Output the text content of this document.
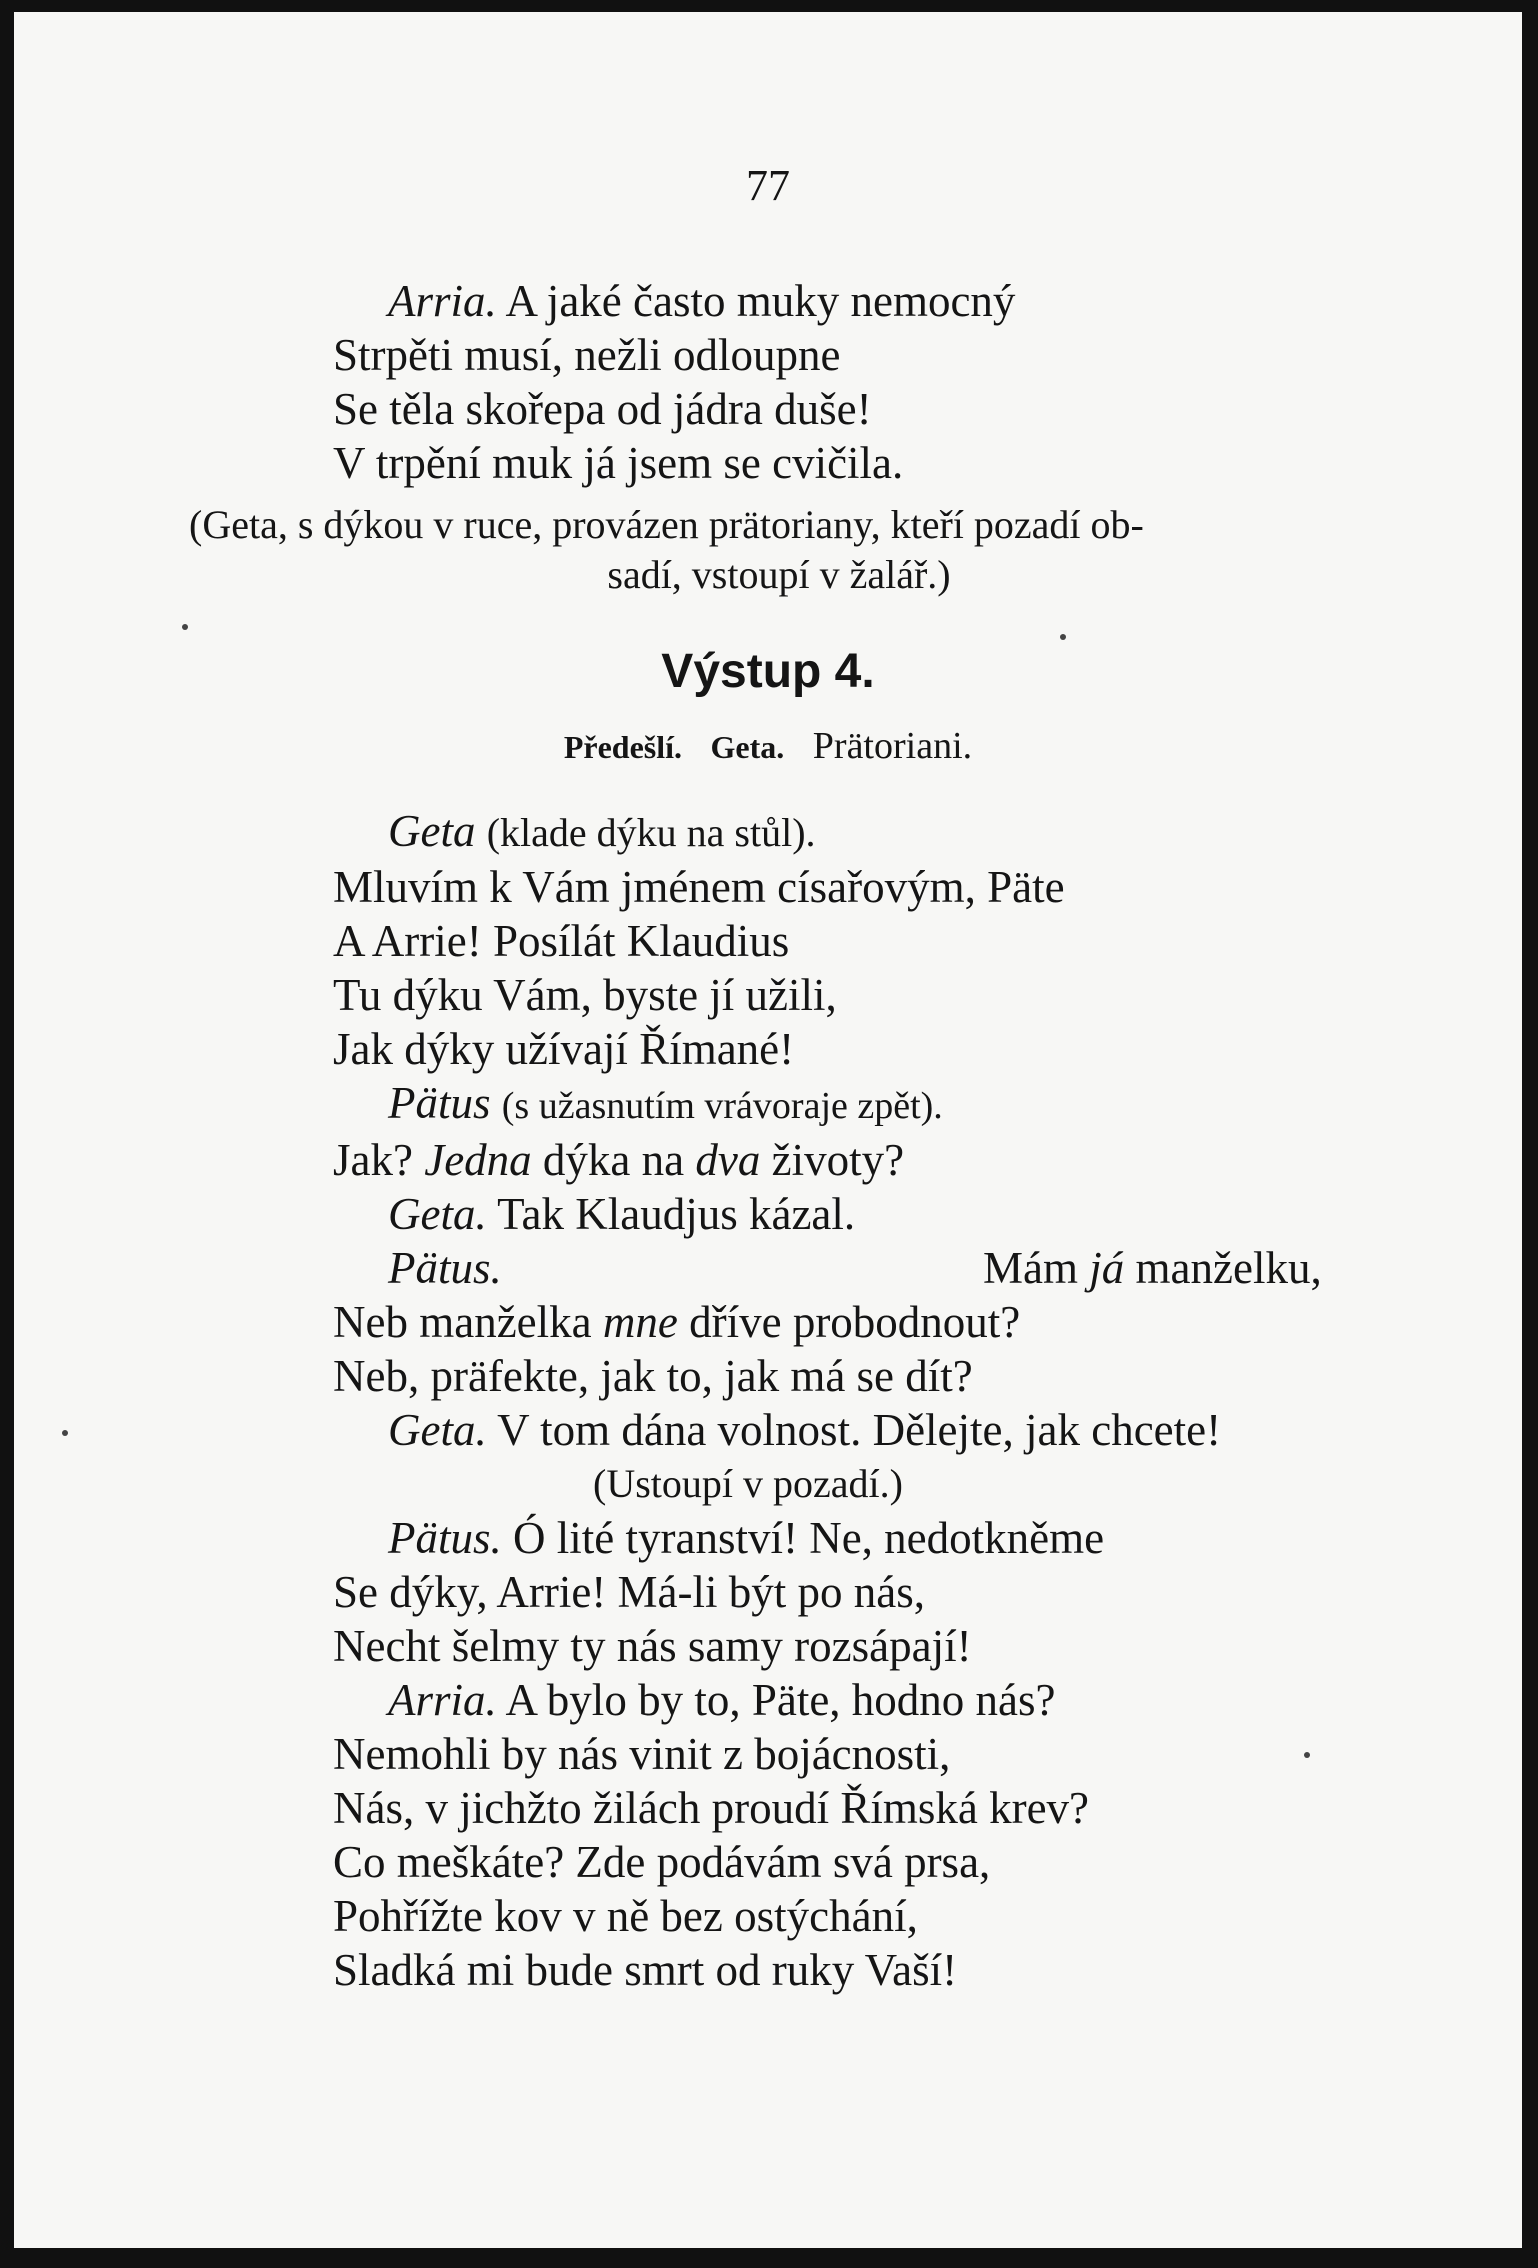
77
Arria. A jaké často muky nemocný
Strpěti musí, nežli odloupne
Se těla skořepa od jádra duše!
V trpění muk já jsem se cvičila.
(Geta, s dýkou v ruce, provázen prätoriany, kteří pozadí ob-
sadí, vstoupí v žalář.)
Výstup 4.
Předešlí. Geta. Prätoriani.
Geta (klade dýku na stůl).
Mluvím k Vám jménem císařovým, Päte
A Arrie! Posílát Klaudius
Tu dýku Vám, byste jí užili,
Jak dýky užívají Římané!
Pätus (s užasnutím vrávoraje zpět).
Jak? Jedna dýka na dva životy?
Geta. Tak Klaudjus kázal.
Pätus.	Mám já manželku,
Neb manželka mne dříve probodnout?
Neb, präfekte, jak to, jak má se dít?
Geta. V tom dána volnost. Dělejte, jak chcete!
(Ustoupí v pozadí.)
Pätus. Ó lité tyranství! Ne, nedotkněme
Se dýky, Arrie! Má-li být po nás,
Necht šelmy ty nás samy rozsápají!
Arria. A bylo by to, Päte, hodno nás?
Nemohli by nás vinit z bojácnosti,
Nás, v jichžto žilách proudí Římská krev?
Co meškáte? Zde podávám svá prsa,
Pohřížte kov v ně bez ostýchání,
Sladká mi bude smrt od ruky Vaší!
